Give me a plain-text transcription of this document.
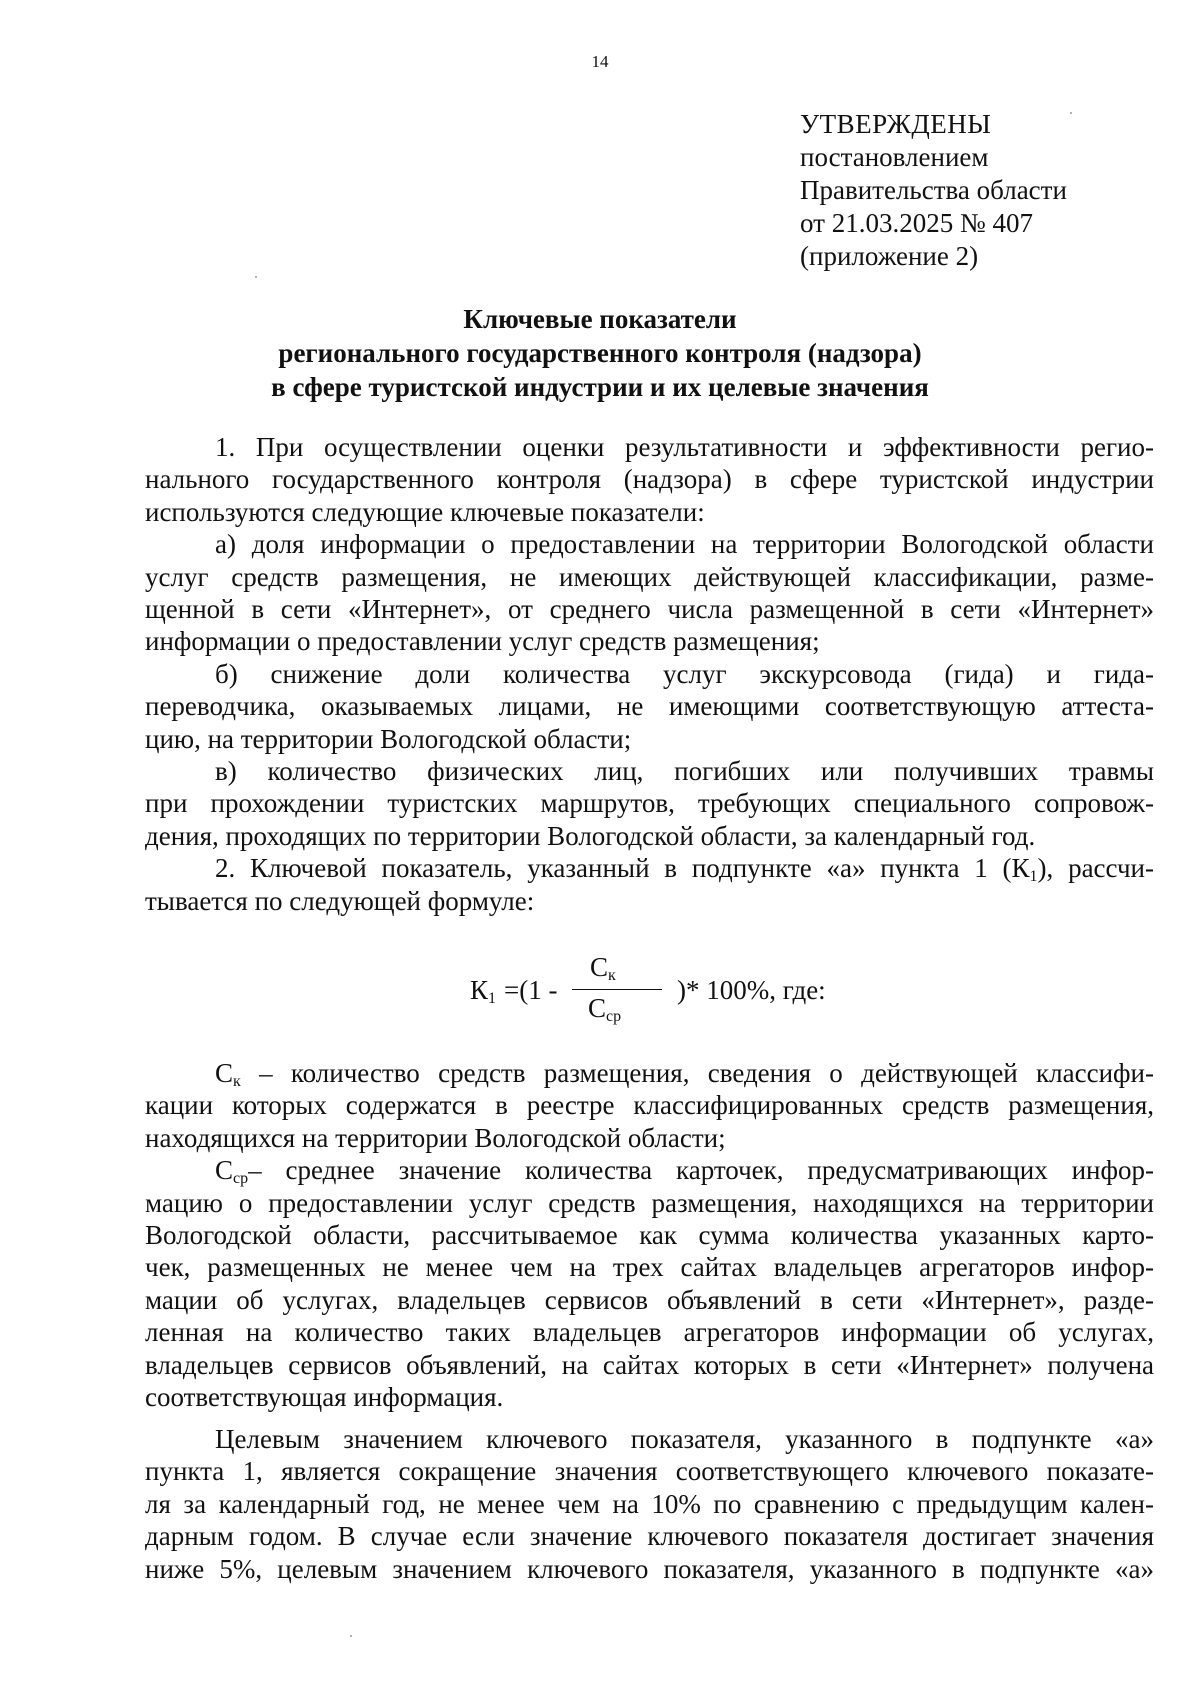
14
УТВЕРЖДЕНЫ
постановлением
Правительства области
от 21.03.2025 № 407
(приложение 2)
Ключевые показатели
регионального государственного контроля (надзора)
в сфере туристской индустрии и их целевые значения

1. При осуществлении оценки результативности и эффективности регио-

нального государственного контроля (надзора) в сфере туристской индустрии

используются следующие ключевые показатели:

а) доля информации о предоставлении на территории Вологодской области

услуг средств размещения, не имеющих действующей классификации, разме-

щенной в сети «Интернет», от среднего числа размещенной в сети «Интернет»

информации о предоставлении услуг средств размещения;

б) снижение доли количества услуг экскурсовода (гида) и гида-

переводчика, оказываемых лицами, не имеющими соответствующую аттеста-

цию, на территории Вологодской области;

в) количество физических лиц, погибших или получивших травмы

при прохождении туристских маршрутов, требующих специального сопровож-

дения, проходящих по территории Вологодской области, за календарный год.

2. Ключевой показатель, указанный в подпункте «а» пункта 1 $(К_1)$, рассчи-

тывается по следующей формуле:

$К_1 =(1$ -
$С_к$
$С_{ср}$
)* 100%, где:

$С_к$ – количество средств размещения, сведения о действующей классифи-

кации которых содержатся в реестре классифицированных средств размещения,

находящихся на территории Вологодской области;

$С_{ср}-$ среднее значение количества карточек, предусматривающих инфор-

мацию о предоставлении услуг средств размещения, находящихся на территории

Вологодской области, рассчитываемое как сумма количества указанных карто-

чек, размещенных не менее чем на трех сайтах владельцев агрегаторов инфор-

мации об услугах, владельцев сервисов объявлений в сети «Интернет», разде-

ленная на количество таких владельцев агрегаторов информации об услугах,

владельцев сервисов объявлений, на сайтах которых в сети «Интернет» получена

соответствующая информация.

Целевым значением ключевого показателя, указанного в подпункте «а»

пункта 1, является сокращение значения соответствующего ключевого показате-

ля за календарный год, не менее чем на 10% по сравнению с предыдущим кален-

дарным годом. В случае если значение ключевого показателя достигает значения

ниже 5%, целевым значением ключевого показателя, указанного в подпункте «а»
